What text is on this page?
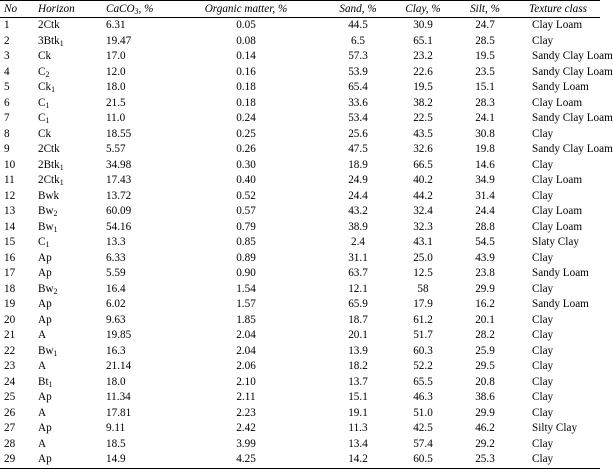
No	Horizon	CaCO$_3$, %	Organic matter, %	Sand, %	Clay, %	Silt, %	Texture class
1	2Ctk	6.31	0.05	44.5	30.9	24.7	Clay Loam
2	3Btk$_1$	19.47	0.08	6.5	65.1	28.5	Clay
3	Ck	17.0	0.14	57.3	23.2	19.5	Sandy Clay Loam
4	$C_2$	12.0	0.16	53.9	22.6	23.5	Sandy Clay Loam
5	$Ck_1$	18.0	0.18	65.4	19.5	15.1	Sandy Loam
6	$C_1$	21.5	0.18	33.6	38.2	28.3	Clay Loam
7	$C_1$	11.0	0.24	53.4	22.5	24.1	Sandy Clay Loam
8	Ck	18.55	0.25	25.6	43.5	30.8	Clay
9	2Ctk	5.57	0.26	47.5	32.6	19.8	Sandy Clay Loam
10	2Btk$_1$	34.98	0.30	18.9	66.5	14.6	Clay
11	2Ctk$_1$	17.43	0.40	24.9	40.2	34.9	Clay Loam
12	Bwk	13.72	0.52	24.4	44.2	31.4	Clay
13	$Bw_2$	60.09	0.57	43.2	32.4	24.4	Clay Loam
14	$Bw_1$	54.16	0.79	38.9	32.3	28.8	Clay Loam
15	$C_1$	13.3	0.85	2.4	43.1	54.5	Slaty Clay
16	Ap	6.33	0.89	31.1	25.0	43.9	Clay
17	Ap	5.59	0.90	63.7	12.5	23.8	Sandy Loam
18	$Bw_2$	16.4	1.54	12.1	58	29.9	Clay
19	Ap	6.02	1.57	65.9	17.9	16.2	Sandy Loam
20	Ap	9.63	1.85	18.7	61.2	20.1	Clay
21	A	19.85	2.04	20.1	51.7	28.2	Clay
22	$Bw_1$	16.3	2.04	13.9	60.3	25.9	Clay
23	A	21.14	2.06	18.2	52.2	29.5	Clay
24	$Bt_1$	18.0	2.10	13.7	65.5	20.8	Clay
25	Ap	11.34	2.11	15.1	46.3	38.6	Clay
26	A	17.81	2.23	19.1	51.0	29.9	Clay
27	Ap	9.11	2.42	11.3	42.5	46.2	Silty Clay
28	A	18.5	3.99	13.4	57.4	29.2	Clay
29	Ap	14.9	4.25	14.2	60.5	25.3	Clay
